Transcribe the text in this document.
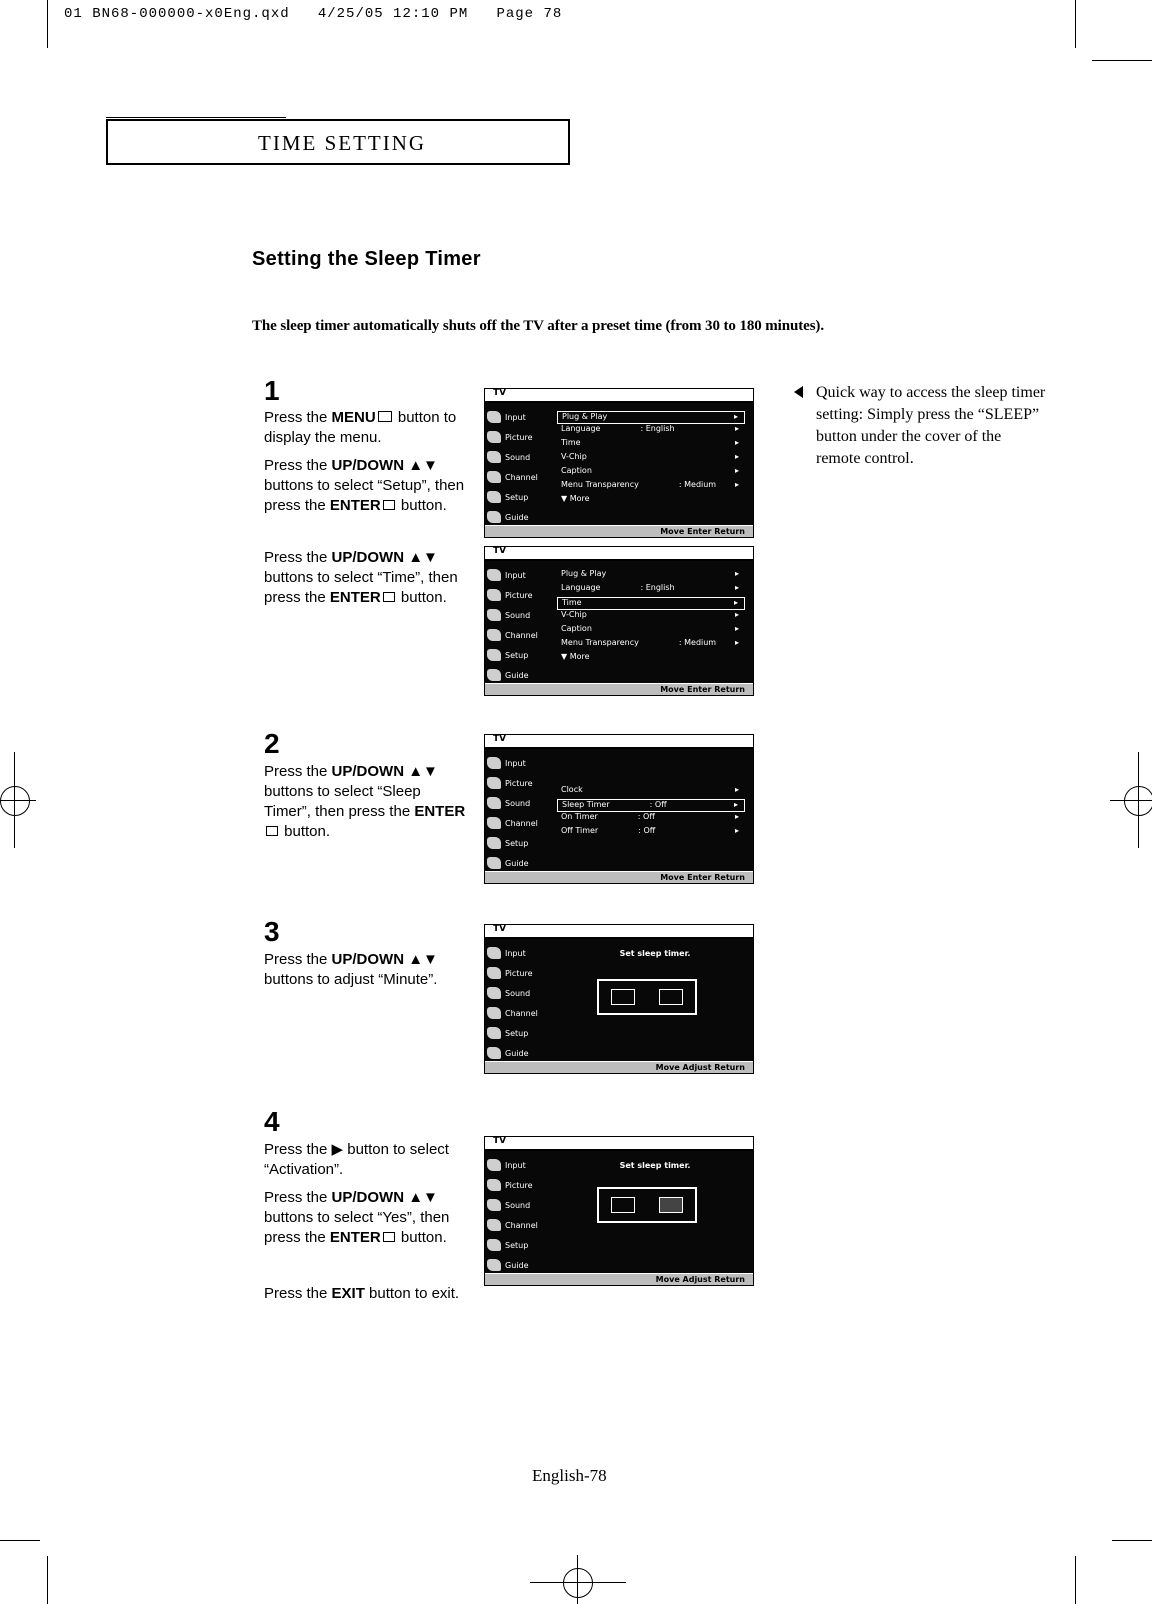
01 BN68-000000-x0Eng.qxd   4/25/05 12:10 PM   Page 78
TIME SETTING
Setting the Sleep Timer
The sleep timer automatically shuts off the TV after a preset time (from 30 to 180 minutes).
1
Press the MENU button to display the menu.
Press the UP/DOWN ▲▼ buttons to select “Setup”, then press the ENTER button.
Press the UP/DOWN ▲▼ buttons to select “Time”, then press the ENTER button.
2
Press the UP/DOWN ▲▼ buttons to select “Sleep Timer”, then press the ENTER button.
3
Press the UP/DOWN ▲▼ buttons to adjust “Minute”.
4
Press the ▶ button to select “Activation”.
Press the UP/DOWN ▲▼ buttons to select “Yes”, then press the ENTER button.
Press the EXIT button to exit.
Quick way to access the sleep timer setting: Simply press the “SLEEP” button under the cover of the remote control.
TV
Input
Picture
Sound
Channel
Setup
Guide
Plug & Play	▸
Language	: English	▸
Time	▸
V-Chip	▸
Caption	▸
Menu Transparency	: Medium	▸
▼ More
Move Enter Return
TV
Input
Picture
Sound
Channel
Setup
Guide
Plug & Play	▸
Language	: English	▸
Time	▸
V-Chip	▸
Caption	▸
Menu Transparency	: Medium	▸
▼ More
Move Enter Return
TV
Input
Picture
Sound
Channel
Setup
Guide
Clock	▸
Sleep Timer	: Off	▸
On Timer	: Off	▸
Off Timer	: Off	▸
Move Enter Return
TV
Input
Picture
Sound
Channel
Setup
Guide
Set sleep timer.
Move Adjust Return
TV
Input
Picture
Sound
Channel
Setup
Guide
Set sleep timer.
Move Adjust Return
English-78
